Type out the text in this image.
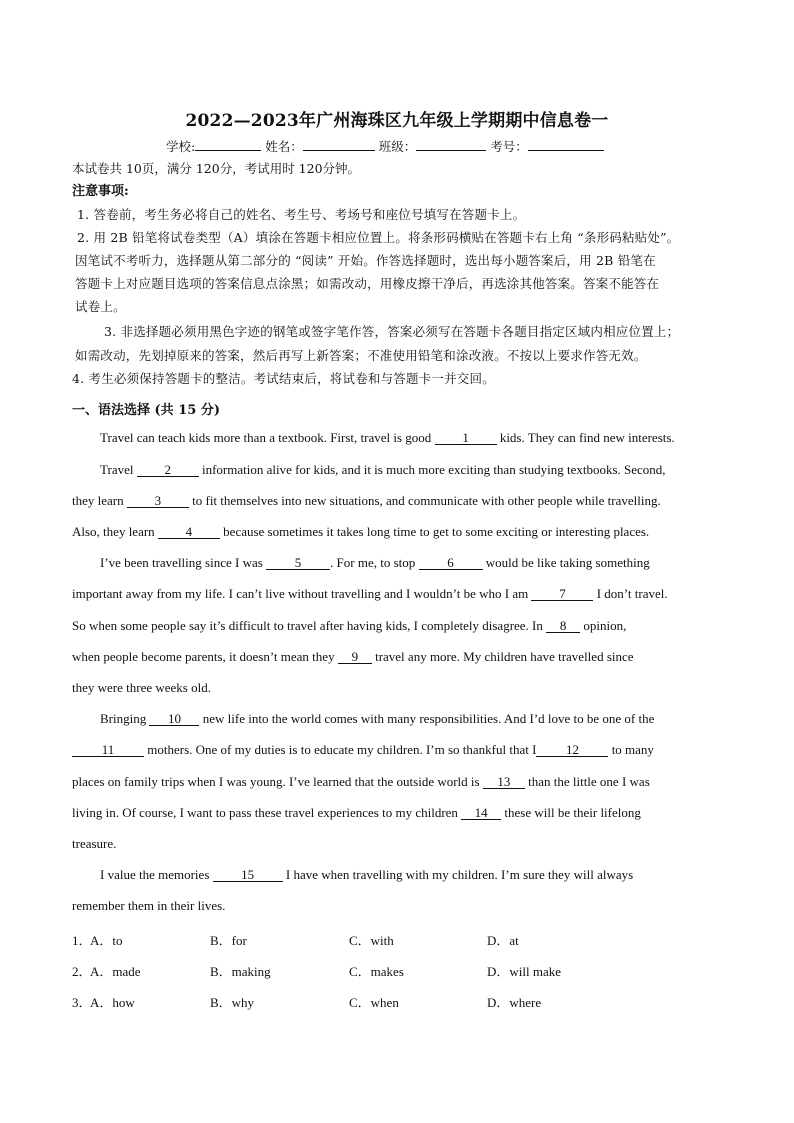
2022—2023年广州海珠区九年级上学期期中信息卷一
学校:	姓名：	班级：	考号：
本试卷共 10页，满分 120分，考试用时 120分钟。
注意事项:
1. 答卷前，考生务必将自己的姓名、考生号、考场号和座位号填写在答题卡上。
2. 用 2B 铅笔将试卷类型（A）填涂在答题卡相应位置上。将条形码横贴在答题卡右上角 “条形码粘贴处”。
因笔试不考听力，选择题从第二部分的 “阅读” 开始。作答选择题时，选出每小题答案后，用 2B 铅笔在
答题卡上对应题目选项的答案信息点涂黑；如需改动，用橡皮擦干净后，再选涂其他答案。答案不能答在
试卷上。
3. 非选择题必须用黑色字迹的钢笔或签字笔作答，答案必须写在答题卡各题目指定区域内相应位置上；
如需改动，先划掉原来的答案，然后再写上新答案；不准使用铅笔和涂改液。不按以上要求作答无效。
4. 考生必须保持答题卡的整洁。考试结束后，将试卷和与答题卡一并交回。
一、语法选择 (共 15 分)
Travel can teach kids more than a textbook. First, travel is good 1 kids. They can find new interests.
Travel 2 information alive for kids, and it is much more exciting than studying textbooks. Second,
they learn 3 to fit themselves into new situations, and communicate with other people while travelling.
Also, they learn 4 because sometimes it takes long time to get to some exciting or interesting places.
I’ve been travelling since I was 5 . For me, to stop 6 would be like taking something
important away from my life. I can’t live without travelling and I wouldn’t be who I am 7 I don’t travel.
So when some people say it’s difficult to travel after having kids, I completely disagree. In 8 opinion,
when people become parents, it doesn’t mean they 9 travel any more. My children have travelled since
they were three weeks old.
Bringing 10 new life into the world comes with many responsibilities. And I’d love to be one of the
11 mothers. One of my duties is to educate my children. I’m so thankful that I 12 to many
places on family trips when I was young. I’ve learned that the outside world is 13 than the little one I was
living in. Of course, I want to pass these travel experiences to my children 14 these will be their lifelong
treasure.
I value the memories 15 I have when travelling with my children. I’m sure they will always
remember them in their lives.
1．
A．to	B．for	C．with	D．at
2．
A．made	B．making	C．makes	D．will make
3．
A．how	B．why	C．when	D．where
